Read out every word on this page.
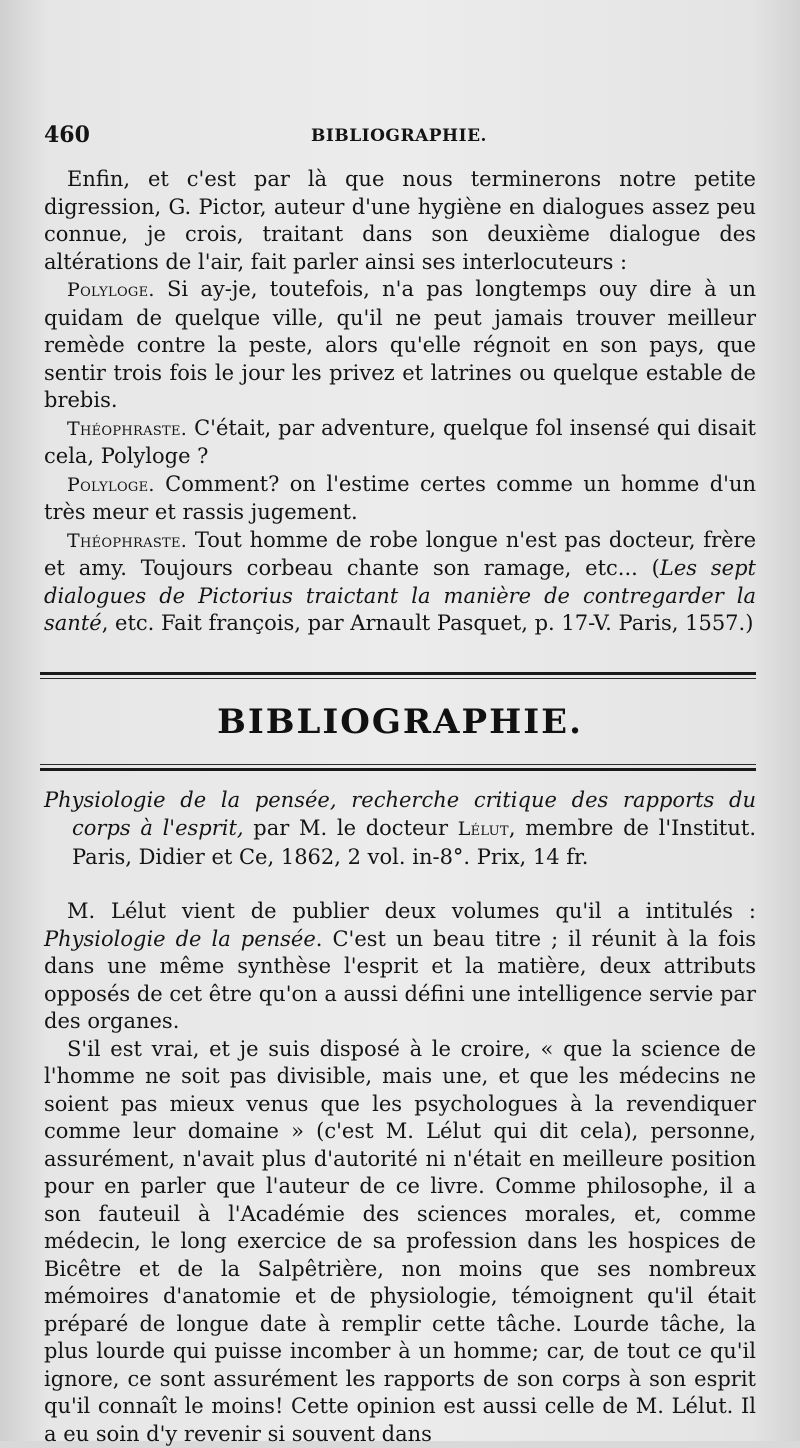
460	BIBLIOGRAPHIE.

Enfin, et c'est par là que nous terminerons notre petite digression, G. Pictor, auteur d'une hygiène en dialogues assez peu connue, je crois, traitant dans son deuxième dialogue des altérations de l'air, fait parler ainsi ses interlocuteurs :

Polyloge. Si ay-je, toutefois, n'a pas longtemps ouy dire à un quidam de quelque ville, qu'il ne peut jamais trouver meilleur remède contre la peste, alors qu'elle régnoit en son pays, que sentir trois fois le jour les privez et latrines ou quelque estable de brebis.

Théophraste. C'était, par adventure, quelque fol insensé qui disait cela, Polyloge ?

Polyloge. Comment? on l'estime certes comme un homme d'un très meur et rassis jugement.

Théophraste. Tout homme de robe longue n'est pas docteur, frère et amy. Toujours corbeau chante son ramage, etc... (Les sept dialogues de Pictorius traictant la manière de contregarder la santé, etc. Fait françois, par Arnault Pasquet, p. 17-V. Paris, 1557.)

BIBLIOGRAPHIE.

Physiologie de la pensée, recherche critique des rapports du corps à l'esprit, par M. le docteur Lélut, membre de l'Institut. Paris, Didier et Ce, 1862, 2 vol. in-8°. Prix, 14 fr.

M. Lélut vient de publier deux volumes qu'il a intitulés : Physiologie de la pensée. C'est un beau titre ; il réunit à la fois dans une même synthèse l'esprit et la matière, deux attributs opposés de cet être qu'on a aussi défini une intelligence servie par des organes.

S'il est vrai, et je suis disposé à le croire, « que la science de l'homme ne soit pas divisible, mais une, et que les médecins ne soient pas mieux venus que les psychologues à la revendiquer comme leur domaine » (c'est M. Lélut qui dit cela), personne, assurément, n'avait plus d'autorité ni n'était en meilleure position pour en parler que l'auteur de ce livre. Comme philosophe, il a son fauteuil à l'Académie des sciences morales, et, comme médecin, le long exercice de sa profession dans les hospices de Bicêtre et de la Salpêtrière, non moins que ses nombreux mémoires d'anatomie et de physiologie, témoignent qu'il était préparé de longue date à remplir cette tâche. Lourde tâche, la plus lourde qui puisse incomber à un homme; car, de tout ce qu'il ignore, ce sont assurément les rapports de son corps à son esprit qu'il connaît le moins! Cette opinion est aussi celle de M. Lélut. Il a eu soin d'y revenir si souvent dans
